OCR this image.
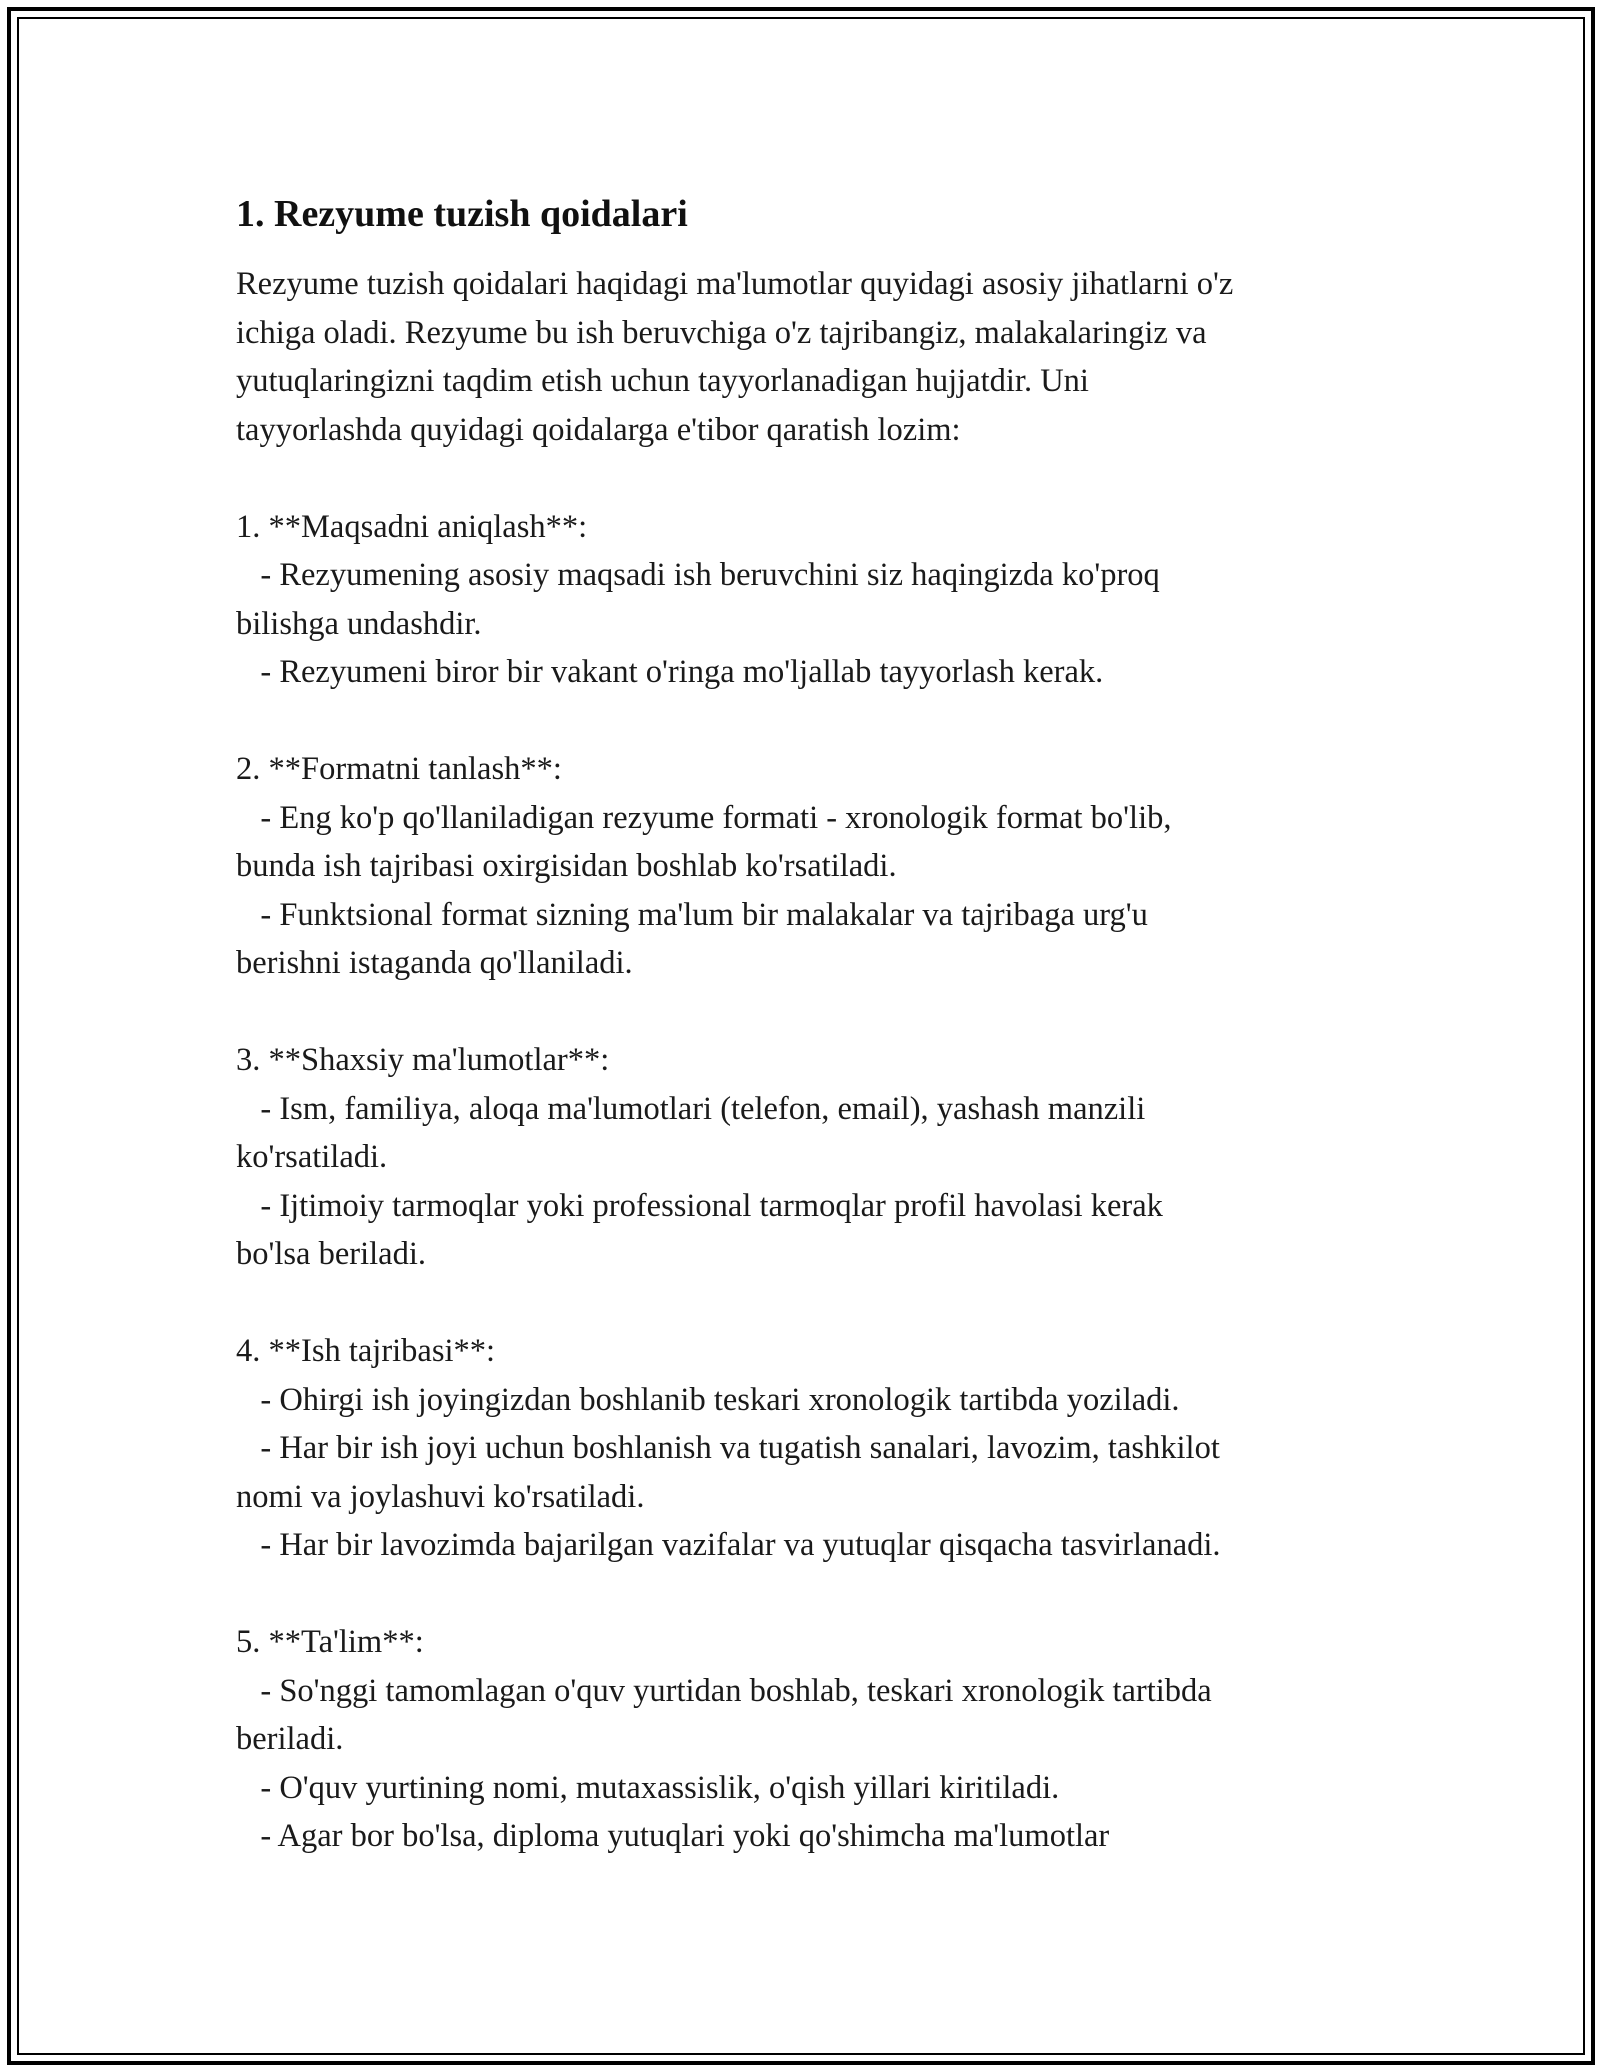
1. Rezyume tuzish qoidalari
Rezyume tuzish qoidalari haqidagi ma'lumotlar quyidagi asosiy jihatlarni o'z
ichiga oladi. Rezyume bu ish beruvchiga o'z tajribangiz, malakalaringiz va
yutuqlaringizni taqdim etish uchun tayyorlanadigan hujjatdir. Uni
tayyorlashda quyidagi qoidalarga e'tibor qaratish lozim:

1. **Maqsadni aniqlash**:
- Rezyumening asosiy maqsadi ish beruvchini siz haqingizda ko'proq
bilishga undashdir.
- Rezyumeni biror bir vakant o'ringa mo'ljallab tayyorlash kerak.

2. **Formatni tanlash**:
- Eng ko'p qo'llaniladigan rezyume formati - xronologik format bo'lib,
bunda ish tajribasi oxirgisidan boshlab ko'rsatiladi.
- Funktsional format sizning ma'lum bir malakalar va tajribaga urg'u
berishni istaganda qo'llaniladi.

3. **Shaxsiy ma'lumotlar**:
- Ism, familiya, aloqa ma'lumotlari (telefon, email), yashash manzili
ko'rsatiladi.
- Ijtimoiy tarmoqlar yoki professional tarmoqlar profil havolasi kerak
bo'lsa beriladi.

4. **Ish tajribasi**:
- Ohirgi ish joyingizdan boshlanib teskari xronologik tartibda yoziladi.
- Har bir ish joyi uchun boshlanish va tugatish sanalari, lavozim, tashkilot
nomi va joylashuvi ko'rsatiladi.
- Har bir lavozimda bajarilgan vazifalar va yutuqlar qisqacha tasvirlanadi.

5. **Ta'lim**:
- So'nggi tamomlagan o'quv yurtidan boshlab, teskari xronologik tartibda
beriladi.
- O'quv yurtining nomi, mutaxassislik, o'qish yillari kiritiladi.
- Agar bor bo'lsa, diploma yutuqlari yoki qo'shimcha ma'lumotlar
